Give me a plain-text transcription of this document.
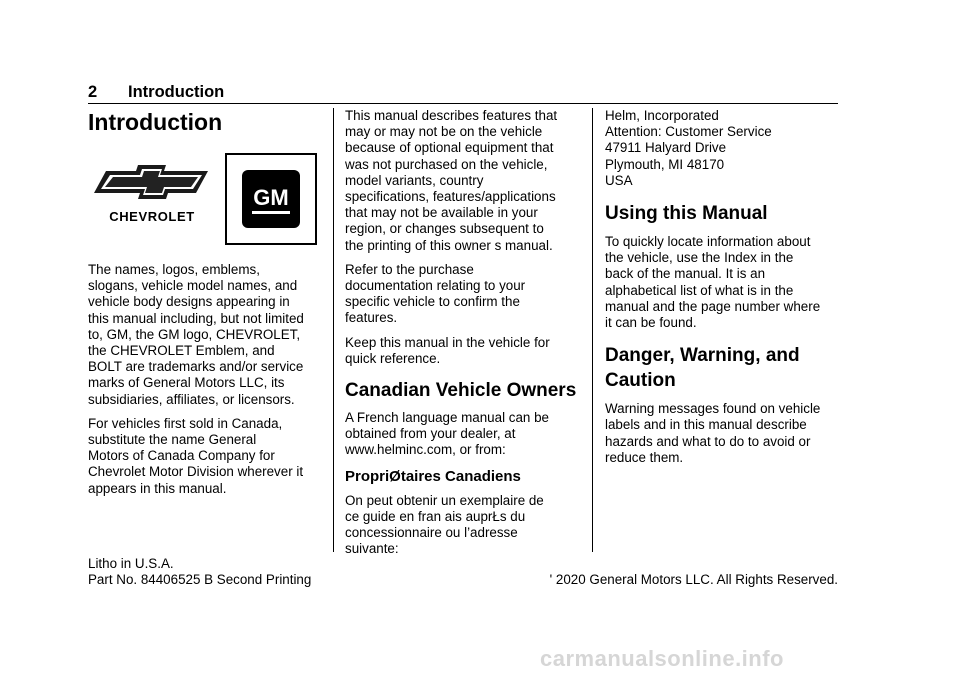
2 Introduction
Introduction
CHEVROLET
GM
The names, logos, emblems,
slogans, vehicle model names, and
vehicle body designs appearing in
this manual including, but not limited
to, GM, the GM logo, CHEVROLET,
the CHEVROLET Emblem, and
BOLT are trademarks and/or service
marks of General Motors LLC, its
subsidiaries, affiliates, or licensors.
For vehicles first sold in Canada,
substitute the name General
Motors of Canada Company for
Chevrolet Motor Division wherever it
appears in this manual.
This manual describes features that
may or may not be on the vehicle
because of optional equipment that
was not purchased on the vehicle,
model variants, country
specifications, features/applications
that may not be available in your
region, or changes subsequent to
the printing of this owner s manual.
Refer to the purchase
documentation relating to your
specific vehicle to confirm the
features.
Keep this manual in the vehicle for
quick reference.
Canadian Vehicle Owners
A French language manual can be
obtained from your dealer, at
www.helminc.com, or from:
PropriØtaires Canadiens
On peut obtenir un exemplaire de
ce guide en fran ais auprŁs du
concessionnaire ou l’adresse
suivante:
Helm, Incorporated
Attention: Customer Service
47911 Halyard Drive
Plymouth, MI 48170
USA
Using this Manual
To quickly locate information about
the vehicle, use the Index in the
back of the manual. It is an
alphabetical list of what is in the
manual and the page number where
it can be found.
Danger, Warning, and
Caution
Warning messages found on vehicle
labels and in this manual describe
hazards and what to do to avoid or
reduce them.
Litho in U.S.A.
Part No. 84406525 B Second Printing	' 2020 General Motors LLC. All Rights Reserved.
carmanualsonline.info
